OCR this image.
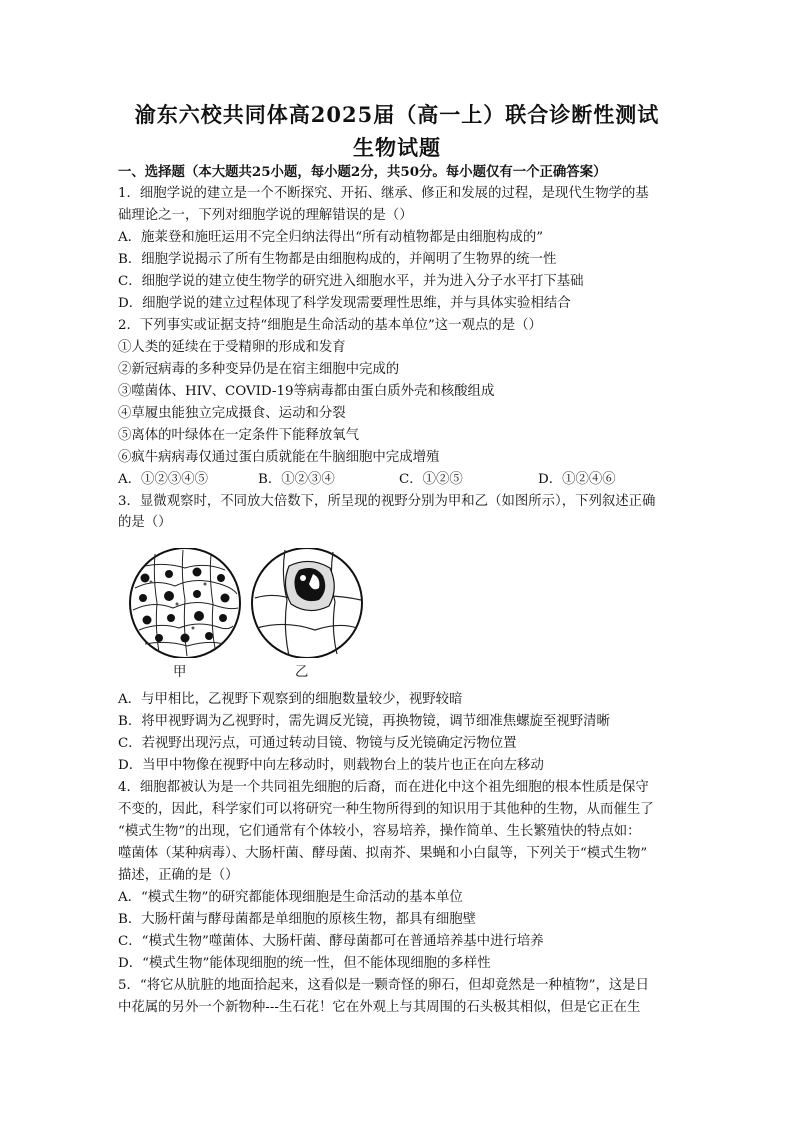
渝东六校共同体高2025届（高一上）联合诊断性测试
生物试题
一、选择题（本大题共25小题，每小题2分，共50分。每小题仅有一个正确答案）
1．细胞学说的建立是一个不断探究、开拓、继承、修正和发展的过程，是现代生物学的基
础理论之一，下列对细胞学说的理解错误的是（）
A．施莱登和施旺运用不完全归纳法得出“所有动植物都是由细胞构成的”
B．细胞学说揭示了所有生物都是由细胞构成的，并阐明了生物界的统一性
C．细胞学说的建立使生物学的研究进入细胞水平，并为进入分子水平打下基础
D．细胞学说的建立过程体现了科学发现需要理性思维，并与具体实验相结合
2．下列事实或证据支持“细胞是生命活动的基本单位”这一观点的是（）
①人类的延续在于受精卵的形成和发育
②新冠病毒的多种变异仍是在宿主细胞中完成的
③噬菌体、HIV、COVID-19等病毒都由蛋白质外壳和核酸组成
④草履虫能独立完成摄食、运动和分裂
⑤离体的叶绿体在一定条件下能释放氧气
⑥疯牛病病毒仅通过蛋白质就能在牛脑细胞中完成增殖
A．①②③④⑤	B．①②③④	C．①②⑤	D．①②④⑥
3．显微观察时，不同放大倍数下，所呈现的视野分别为甲和乙（如图所示），下列叙述正确
的是（）
甲	乙
A．与甲相比，乙视野下观察到的细胞数量较少，视野较暗
B．将甲视野调为乙视野时，需先调反光镜，再换物镜，调节细准焦螺旋至视野清晰
C．若视野出现污点，可通过转动目镜、物镜与反光镜确定污物位置
D．当甲中物像在视野中向左移动时，则载物台上的装片也正在向左移动
4．细胞都被认为是一个共同祖先细胞的后裔，而在进化中这个祖先细胞的根本性质是保守
不变的，因此，科学家们可以将研究一种生物所得到的知识用于其他种的生物，从而催生了
“模式生物”的出现，它们通常有个体较小，容易培养，操作简单、生长繁殖快的特点如：
噬菌体（某种病毒）、大肠杆菌、酵母菌、拟南芥、果蝇和小白鼠等，下列关于“模式生物”
描述，正确的是（）
A．“模式生物”的研究都能体现细胞是生命活动的基本单位
B．大肠杆菌与酵母菌都是单细胞的原核生物，都具有细胞壁
C．“模式生物”噬菌体、大肠杆菌、酵母菌都可在普通培养基中进行培养
D．“模式生物”能体现细胞的统一性，但不能体现细胞的多样性
5．“将它从肮脏的地面拾起来，这看似是一颗奇怪的卵石，但却竟然是一种植物”，这是日
中花属的另外一个新物种---生石花！它在外观上与其周围的石头极其相似，但是它正在生
